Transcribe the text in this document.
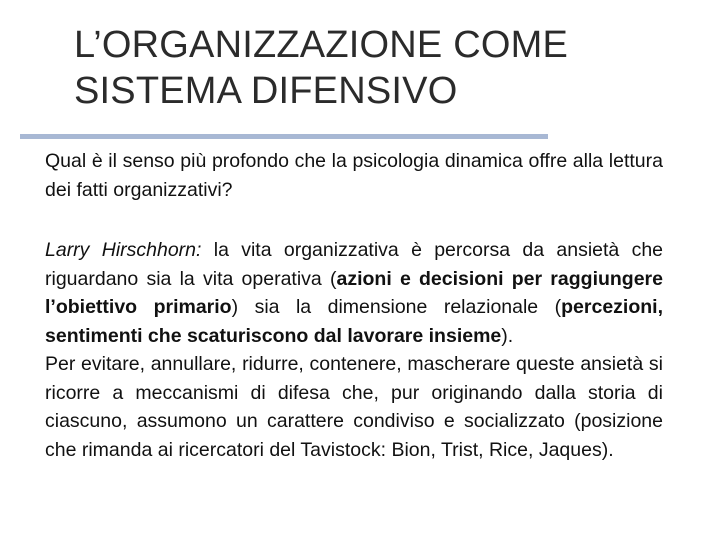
L’ORGANIZZAZIONE COME
SISTEMA DIFENSIVO

Qual è il senso più profondo che la psicologia dinamica offre alla lettura dei fatti organizzativi?

Larry Hirschhorn: la vita organizzativa è percorsa da ansietà che riguardano sia la vita operativa (azioni e decisioni per raggiungere l’obiettivo primario) sia la dimensione relazionale (percezioni, sentimenti che scaturiscono dal lavorare insieme).

Per evitare, annullare, ridurre, contenere, mascherare queste ansietà si ricorre a meccanismi di difesa che, pur originando dalla storia di ciascuno, assumono un carattere condiviso e socializzato (posizione che rimanda ai ricercatori del Tavistock: Bion, Trist, Rice, Jaques).
